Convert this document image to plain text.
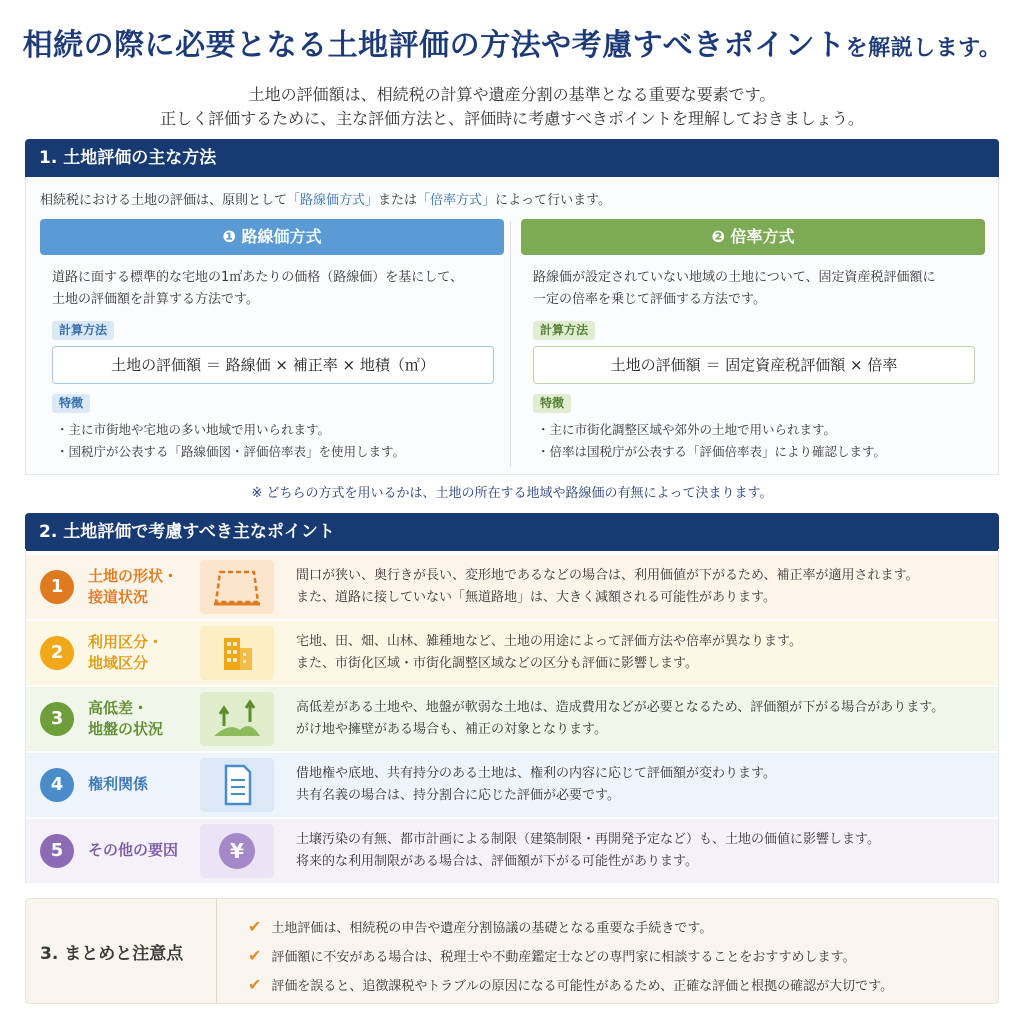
相続の際に必要となる土地評価の方法や考慮すべきポイントを解説します。

土地の評価額は、相続税の計算や遺産分割の基準となる重要な要素です。

正しく評価するために、主な評価方法と、評価時に考慮すべきポイントを理解しておきましょう。

1. 土地評価の主な方法

相続税における土地の評価は、原則として「路線価方式」または「倍率方式」によって行います。

❶ 路線価方式

道路に面する標準的な宅地の1㎡あたりの価格（路線価）を基にして、
土地の評価額を計算する方法です。

計算方法
土地の評価額 ＝ 路線価 × 補正率 × 地積（㎡）
特徴
・ 主に市街地や宅地の多い地域で用いられます。
・ 国税庁が公表する「路線価図・評価倍率表」を使用します。
❷ 倍率方式

路線価が設定されていない地域の土地について、固定資産税評価額に
一定の倍率を乗じて評価する方法です。

計算方法
土地の評価額 ＝ 固定資産税評価額 × 倍率
特徴
・ 主に市街化調整区域や郊外の土地で用いられます。
・ 倍率は国税庁が公表する「評価倍率表」により確認します。

※ どちらの方式を用いるかは、土地の所在する地域や路線価の有無によって決まります。

2. 土地評価で考慮すべき主なポイント
1	土地の形状・
接道状況
間口が狭い、奥行きが長い、変形地であるなどの場合は、利用価値が下がるため、補正率が適用されます。
また、道路に接していない「無道路地」は、大きく減額される可能性があります。
2	利用区分・
地域区分
宅地、田、畑、山林、雑種地など、土地の用途によって評価方法や倍率が異なります。
また、市街化区域・市街化調整区域などの区分も評価に影響します。
3	高低差・
地盤の状況
高低差がある土地や、地盤が軟弱な土地は、造成費用などが必要となるため、評価額が下がる場合があります。
がけ地や擁壁がある場合も、補正の対象となります。
4	権利関係
借地権や底地、共有持分のある土地は、権利の内容に応じて評価額が変わります。
共有名義の場合は、持分割合に応じた評価が必要です。
5	その他の要因	¥	土壌汚染の有無、都市計画による制限（建築制限・再開発予定など）も、土地の価値に影響します。
将来的な利用制限がある場合は、評価額が下がる可能性があります。
3. まとめと注意点
✔ 土地評価は、相続税の申告や遺産分割協議の基礎となる重要な手続きです。
✔ 評価額に不安がある場合は、税理士や不動産鑑定士などの専門家に相談することをおすすめします。
✔ 評価を誤ると、追徴課税やトラブルの原因になる可能性があるため、正確な評価と根拠の確認が大切です。
